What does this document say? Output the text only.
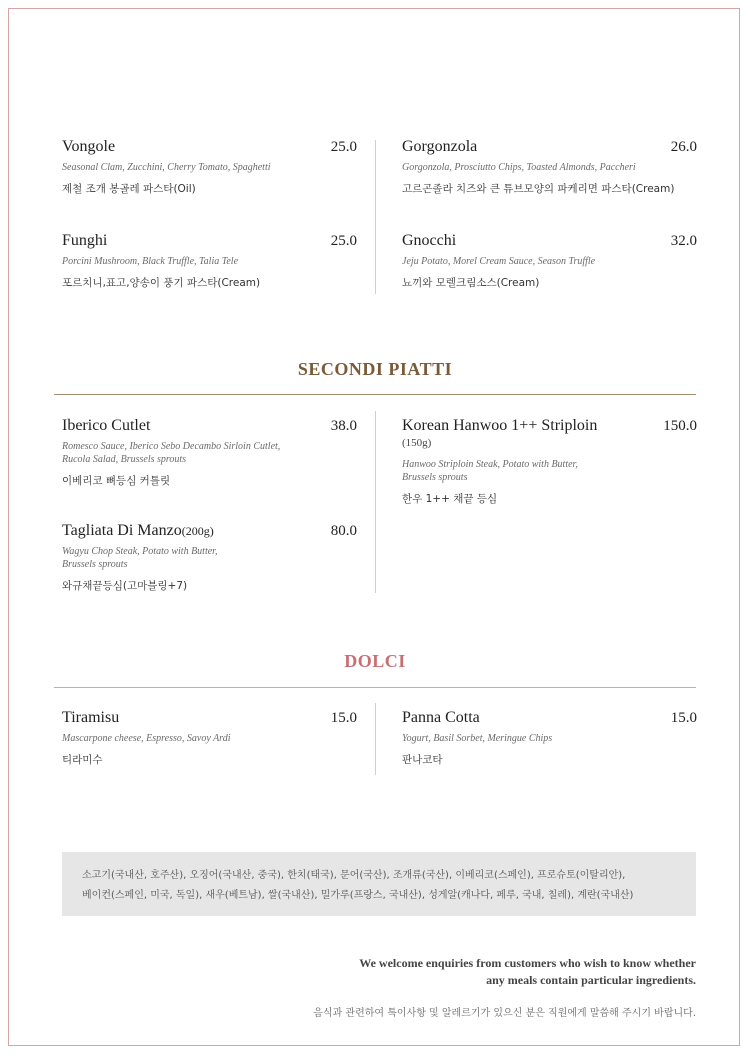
Vongole	25.0
Seasonal Clam, Zucchini, Cherry Tomato, Spaghetti
제철 조개 봉골레 파스타(Oil)
Funghi	25.0
Porcini Mushroom, Black Truffle, Talia Tele
포르치니,표고,양송이 풍기 파스타(Cream)
Gorgonzola	26.0
Gorgonzola, Prosciutto Chips, Toasted Almonds, Paccheri
고르곤졸라 치즈와 큰 튜브모양의 파케리면 파스타(Cream)
Gnocchi	32.0
Jeju Potato, Morel Cream Sauce, Season Truffle
뇨끼와 모렐크림소스(Cream)
SECONDI PIATTI
Iberico Cutlet	38.0
Romesco Sauce, Iberico Sebo Decambo Sirloin Cutlet,
Rucola Salad, Brussels sprouts
이베리코 뼈등심 커틀릿
Tagliata Di Manzo(200g)	80.0
Wagyu Chop Steak, Potato with Butter,
Brussels sprouts
와규채끝등심(고마블링+7)
Korean Hanwoo 1++ Striploin	150.0
(150g)
Hanwoo Striploin Steak, Potato with Butter,
Brussels sprouts
한우 1++ 채끝 등심
DOLCI
Tiramisu	15.0
Mascarpone cheese, Espresso, Savoy Ardi
티라미수
Panna Cotta	15.0
Yogurt, Basil Sorbet, Meringue Chips
판나코타
소고기(국내산, 호주산), 오징어(국내산, 중국), 한치(태국), 문어(국산), 조개류(국산), 이베리코(스페인), 프로슈토(이탈리안),
베이컨(스페인, 미국, 독일), 새우(베트남), 쌀(국내산), 밀가루(프랑스, 국내산), 성게알(캐나다, 페루, 국내, 칠레), 계란(국내산)
We welcome enquiries from customers who wish to know whether
any meals contain particular ingredients.
음식과 관련하여 특이사항 및 알레르기가 있으신 분은 직원에게 말씀해 주시기 바랍니다.
